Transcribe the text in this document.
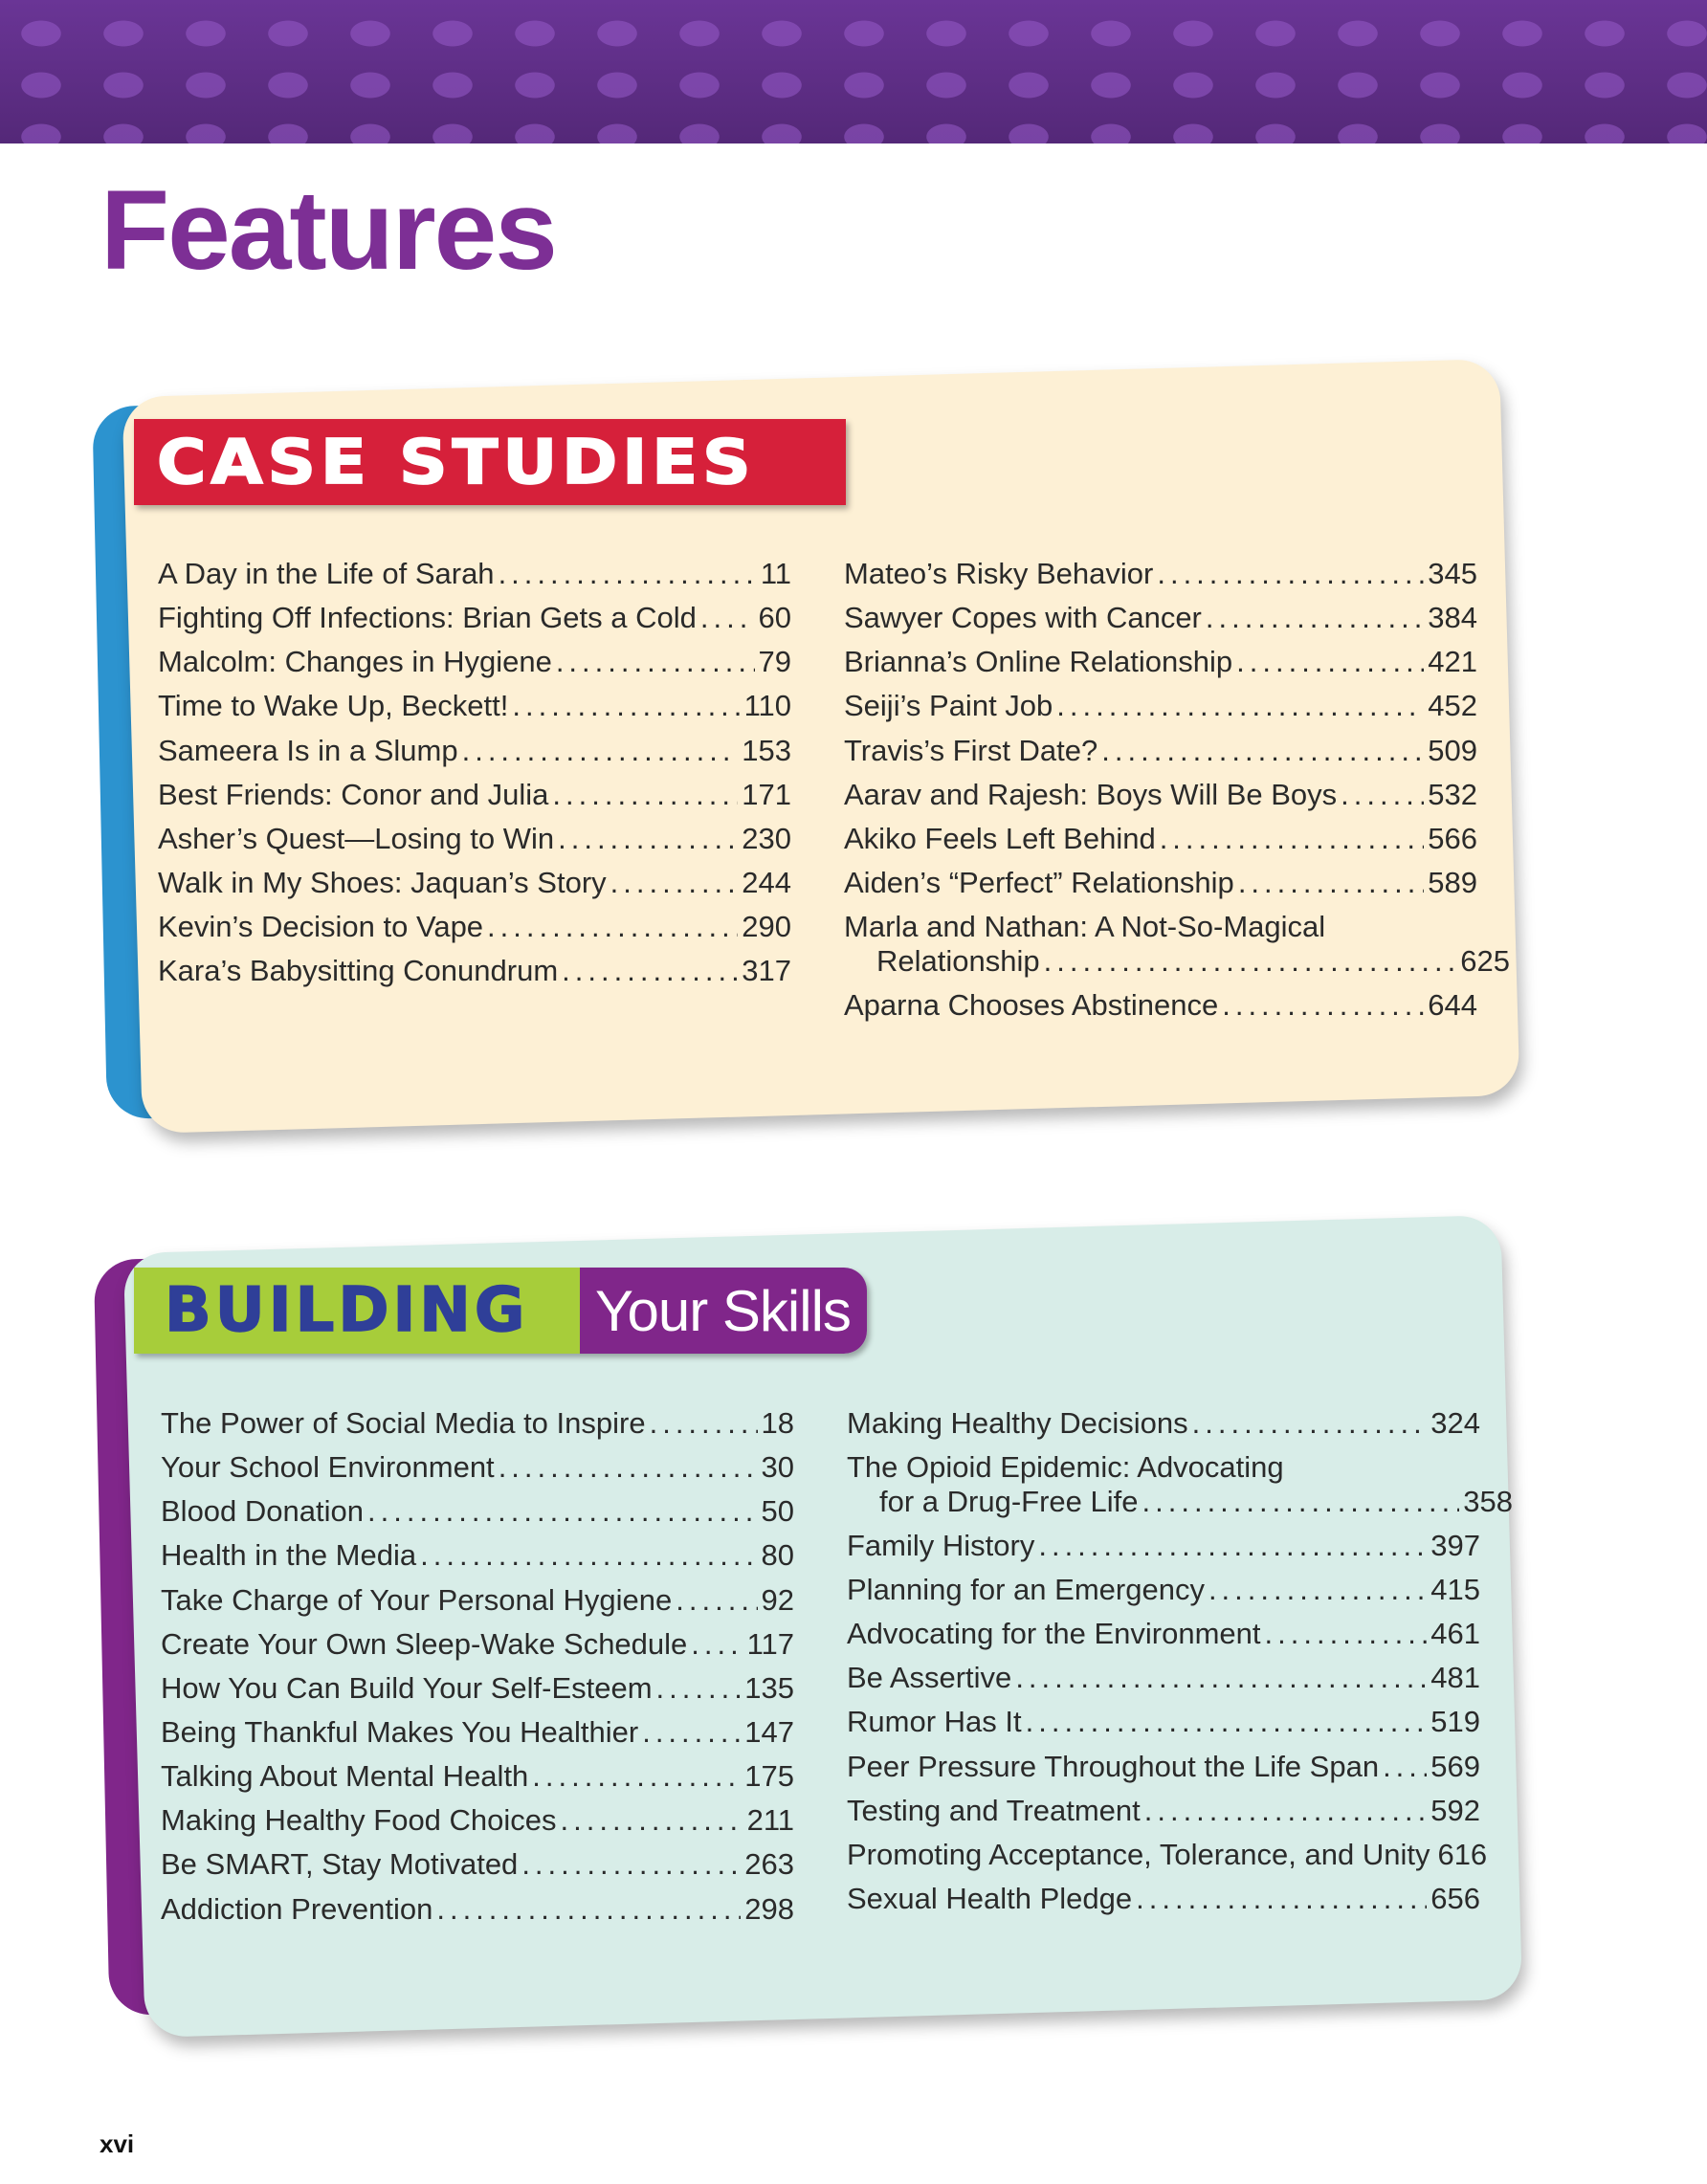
Features
CASE STUDIES
A Day in the Life of Sarah .....	11
Fighting Off Infections: Brian Gets a Cold ..... 60
Malcolm: Changes in Hygiene .....	79
Time to Wake Up, Beckett! .....	110
Sameera Is in a Slump .....	153
Best Friends: Conor and Julia .....	171
Asher’s Quest—Losing to Win .....	230
Walk in My Shoes: Jaquan’s Story .....	244
Kevin’s Decision to Vape .....	290
Kara’s Babysitting Conundrum .....	317
Mateo’s Risky Behavior .....	345
Sawyer Copes with Cancer .....	384
Brianna’s Online Relationship .....	421
Seiji’s Paint Job .....	452
Travis’s First Date? .....	509
Aarav and Rajesh: Boys Will Be Boys .....	532
Akiko Feels Left Behind .....	566
Aiden’s “Perfect” Relationship .....	589
Marla and Nathan: A Not-So-Magical
Relationship .....	625
Aparna Chooses Abstinence .....	644
BUILDING Your Skills
The Power of Social Media to Inspire .....	18
Your School Environment .....	30
Blood Donation .....	50
Health in the Media .....	80
Take Charge of Your Personal Hygiene .....	92
Create Your Own Sleep-Wake Schedule ..... 117
How You Can Build Your Self-Esteem .....	135
Being Thankful Makes You Healthier .....	147
Talking About Mental Health .....	175
Making Healthy Food Choices .....	211
Be SMART, Stay Motivated .....	263
Addiction Prevention .....	298
Making Healthy Decisions .....	324
The Opioid Epidemic: Advocating
for a Drug-Free Life .....	358
Family History .....	397
Planning for an Emergency .....	415
Advocating for the Environment .....	461
Be Assertive .....	481
Rumor Has It .....	519
Peer Pressure Throughout the Life Span ..... 569
Testing and Treatment .....	592
Promoting Acceptance, Tolerance, and Unity 616
Sexual Health Pledge .....	656
xvi
